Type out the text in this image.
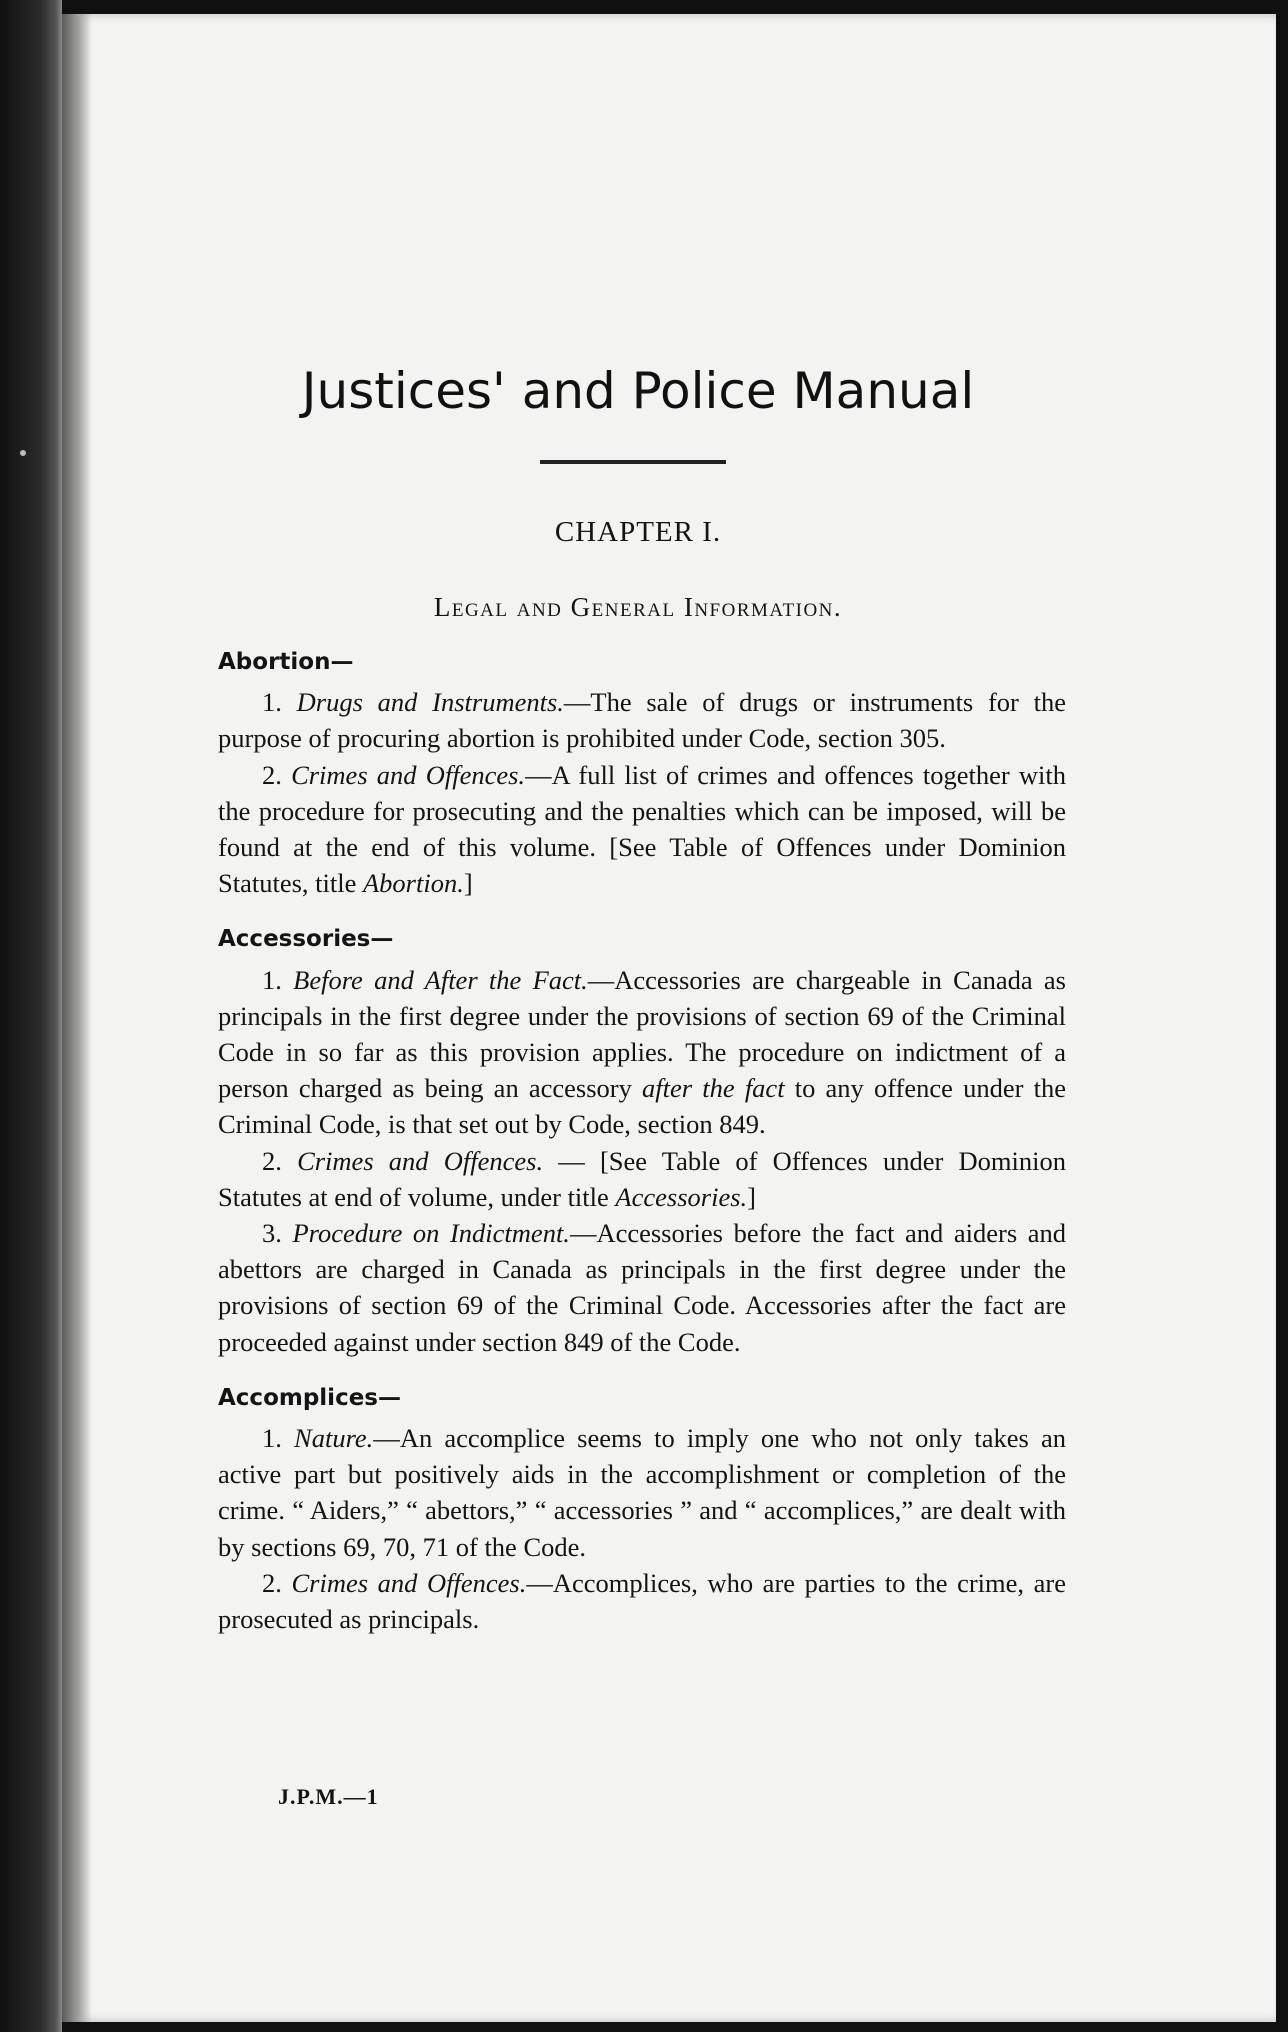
Justices' and Police Manual
CHAPTER I.
Legal and General Information.
Abortion—

1. Drugs and Instruments.—The sale of drugs or instruments for the purpose of procuring abortion is prohibited under Code, section 305.

2. Crimes and Offences.—A full list of crimes and offences together with the procedure for prosecuting and the penalties which can be imposed, will be found at the end of this volume. [See Table of Offences under Dominion Statutes, title Abortion.]

Accessories—

1. Before and After the Fact.—Accessories are chargeable in Canada as principals in the first degree under the provisions of section 69 of the Criminal Code in so far as this provision applies. The procedure on indictment of a person charged as being an accessory after the fact to any offence under the Criminal Code, is that set out by Code, section 849.

2. Crimes and Offences. — [See Table of Offences under Dominion Statutes at end of volume, under title Accessories.]

3. Procedure on Indictment.—Accessories before the fact and aiders and abettors are charged in Canada as principals in the first degree under the provisions of section 69 of the Criminal Code. Accessories after the fact are proceeded against under section 849 of the Code.

Accomplices—

1. Nature.—An accomplice seems to imply one who not only takes an active part but positively aids in the accomplishment or completion of the crime. “ Aiders,” “ abettors,” “ accessories ” and “ accomplices,” are dealt with by sections 69, 70, 71 of the Code.

2. Crimes and Offences.—Accomplices, who are parties to the crime, are prosecuted as principals.

J.P.M.—1
